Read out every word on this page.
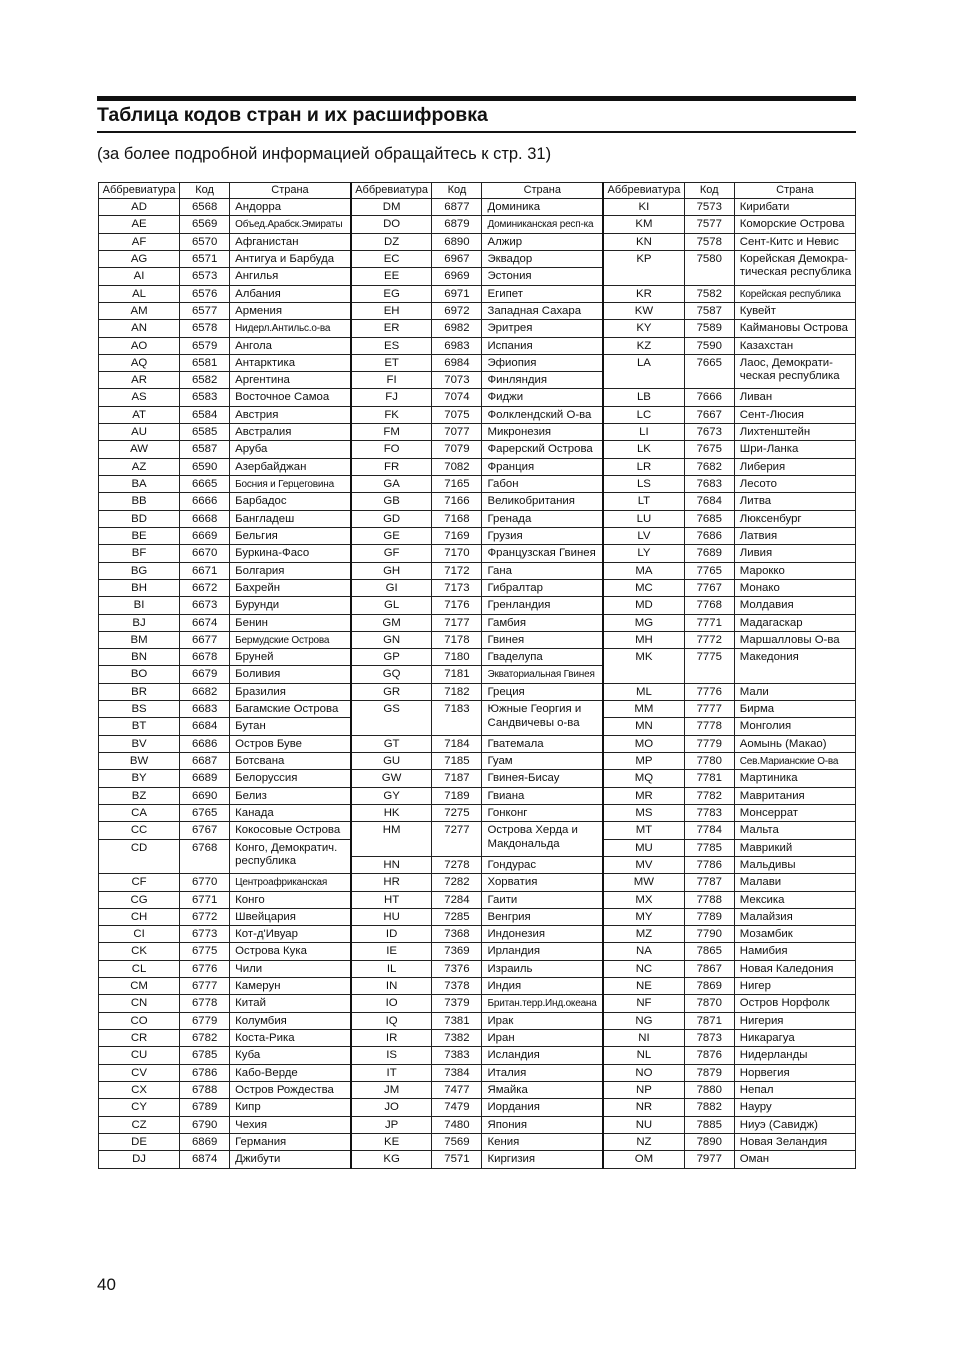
Таблица кодов стран и их расшифровка
(за более подробной информацией обращайтесь к стр. 31)
Аббревиатура	Код	Страна	Аббревиатура	Код	Страна	Аббревиатура	Код	Страна
AD	6568	Андорра	DM	6877	Доминика	KI	7573	Кирибати
AE	6569	Объед.Арабск.Эмираты	DO	6879	Доминиканская респ-ка	KM	7577	Коморские Острова
AF	6570	Афганистан	DZ	6890	Алжир	KN	7578	Сент-Китс и Невис
AG	6571	Антигуа и Барбуда	EC	6967	Эквадор	KP	7580	Корейская Демокра-тическая республика
AI	6573	Ангилья	EE	6969	Эстония			
AL	6576	Албания	EG	6971	Египет	KR	7582	Корейская республика
AM	6577	Армения	EH	6972	Западная Сахара	KW	7587	Кувейт
AN	6578	Нидерл.Антильс.о-ва	ER	6982	Эритрея	KY	7589	Каймановы Острова
AO	6579	Ангола	ES	6983	Испания	KZ	7590	Казахстан
AQ	6581	Антарктика	ET	6984	Эфиопия	LA	7665	Лаос, Демократи-ческая республика
AR	6582	Аргентина	FI	7073	Финляндия			
AS	6583	Восточное Самоа	FJ	7074	Фиджи	LB	7666	Ливан
AT	6584	Австрия	FK	7075	Фолклендский О-ва	LC	7667	Сент-Люсия
AU	6585	Австралия	FM	7077	Микронезия	LI	7673	Лихтенштейн
AW	6587	Аруба	FO	7079	Фарерский Острова	LK	7675	Шри-Ланка
AZ	6590	Азербайджан	FR	7082	Франция	LR	7682	Либерия
BA	6665	Босния и Герцеговина	GA	7165	Габон	LS	7683	Лесото
BB	6666	Барбадос	GB	7166	Великобритания	LT	7684	Литва
BD	6668	Бангладеш	GD	7168	Гренада	LU	7685	Люксенбург
BE	6669	Бельгия	GE	7169	Грузия	LV	7686	Латвия
BF	6670	Буркина-Фасо	GF	7170	Французская Гвинея	LY	7689	Ливия
BG	6671	Болгария	GH	7172	Гана	MA	7765	Марокко
BH	6672	Бахрейн	GI	7173	Гибралтар	MC	7767	Монако
BI	6673	Бурунди	GL	7176	Гренландия	MD	7768	Молдавия
BJ	6674	Бенин	GM	7177	Гамбия	MG	7771	Мадагаскар
BM	6677	Бермудские Острова	GN	7178	Гвинея	MH	7772	Маршалловы О-ва
BN	6678	Бруней	GP	7180	Гваделупа	MK	7775	Македония
BO	6679	Боливия	GQ	7181	Экваториальная Гвинея			
BR	6682	Бразилия	GR	7182	Греция	ML	7776	Мали
BS	6683	Багамские Острова	GS	7183	Южные Георгия и Сандвичевы о-ва	MM	7777	Бирма
BT	6684	Бутан				MN	7778	Монголия
BV	6686	Остров Буве	GT	7184	Гватемала	MO	7779	Аомынь (Макао)
BW	6687	Ботсвана	GU	7185	Гуам	MP	7780	Сев.Марианские О-ва
BY	6689	Белоруссия	GW	7187	Гвинея-Бисау	MQ	7781	Мартиника
BZ	6690	Белиз	GY	7189	Гвиана	MR	7782	Мавритания
CA	6765	Канада	HK	7275	Гонконг	MS	7783	Монсеррат
CC	6767	Кокосовые Острова	HM	7277	Острова Херда и Макдональда	MT	7784	Мальта
CD	6768	Конго, Демократич. республика				MU	7785	Маврикий
			HN	7278	Гондурас	MV	7786	Мальдивы
CF	6770	Центроафриканская	HR	7282	Хорватия	MW	7787	Малави
CG	6771	Конго	HT	7284	Гаити	MX	7788	Мексика
CH	6772	Швейцария	HU	7285	Венгрия	MY	7789	Малайзия
CI	6773	Кот-д'Ивуар	ID	7368	Индонезия	MZ	7790	Мозамбик
CK	6775	Острова Кука	IE	7369	Ирландия	NA	7865	Намибия
CL	6776	Чили	IL	7376	Израиль	NC	7867	Новая Каледония
CM	6777	Камерун	IN	7378	Индия	NE	7869	Нигер
CN	6778	Китай	IO	7379	Британ.терр.Инд.океана	NF	7870	Остров Норфолк
CO	6779	Колумбия	IQ	7381	Ирак	NG	7871	Нигерия
CR	6782	Коста-Рика	IR	7382	Иран	NI	7873	Никарагуа
CU	6785	Куба	IS	7383	Исландия	NL	7876	Нидерланды
CV	6786	Кабо-Верде	IT	7384	Италия	NO	7879	Норвегия
CX	6788	Остров Рождества	JM	7477	Ямайка	NP	7880	Непал
CY	6789	Кипр	JO	7479	Иордания	NR	7882	Науру
CZ	6790	Чехия	JP	7480	Япония	NU	7885	Ниуэ (Савидж)
DE	6869	Германия	KE	7569	Кения	NZ	7890	Новая Зеландия
DJ	6874	Джибути	KG	7571	Киргизия	OM	7977	Оман
40
